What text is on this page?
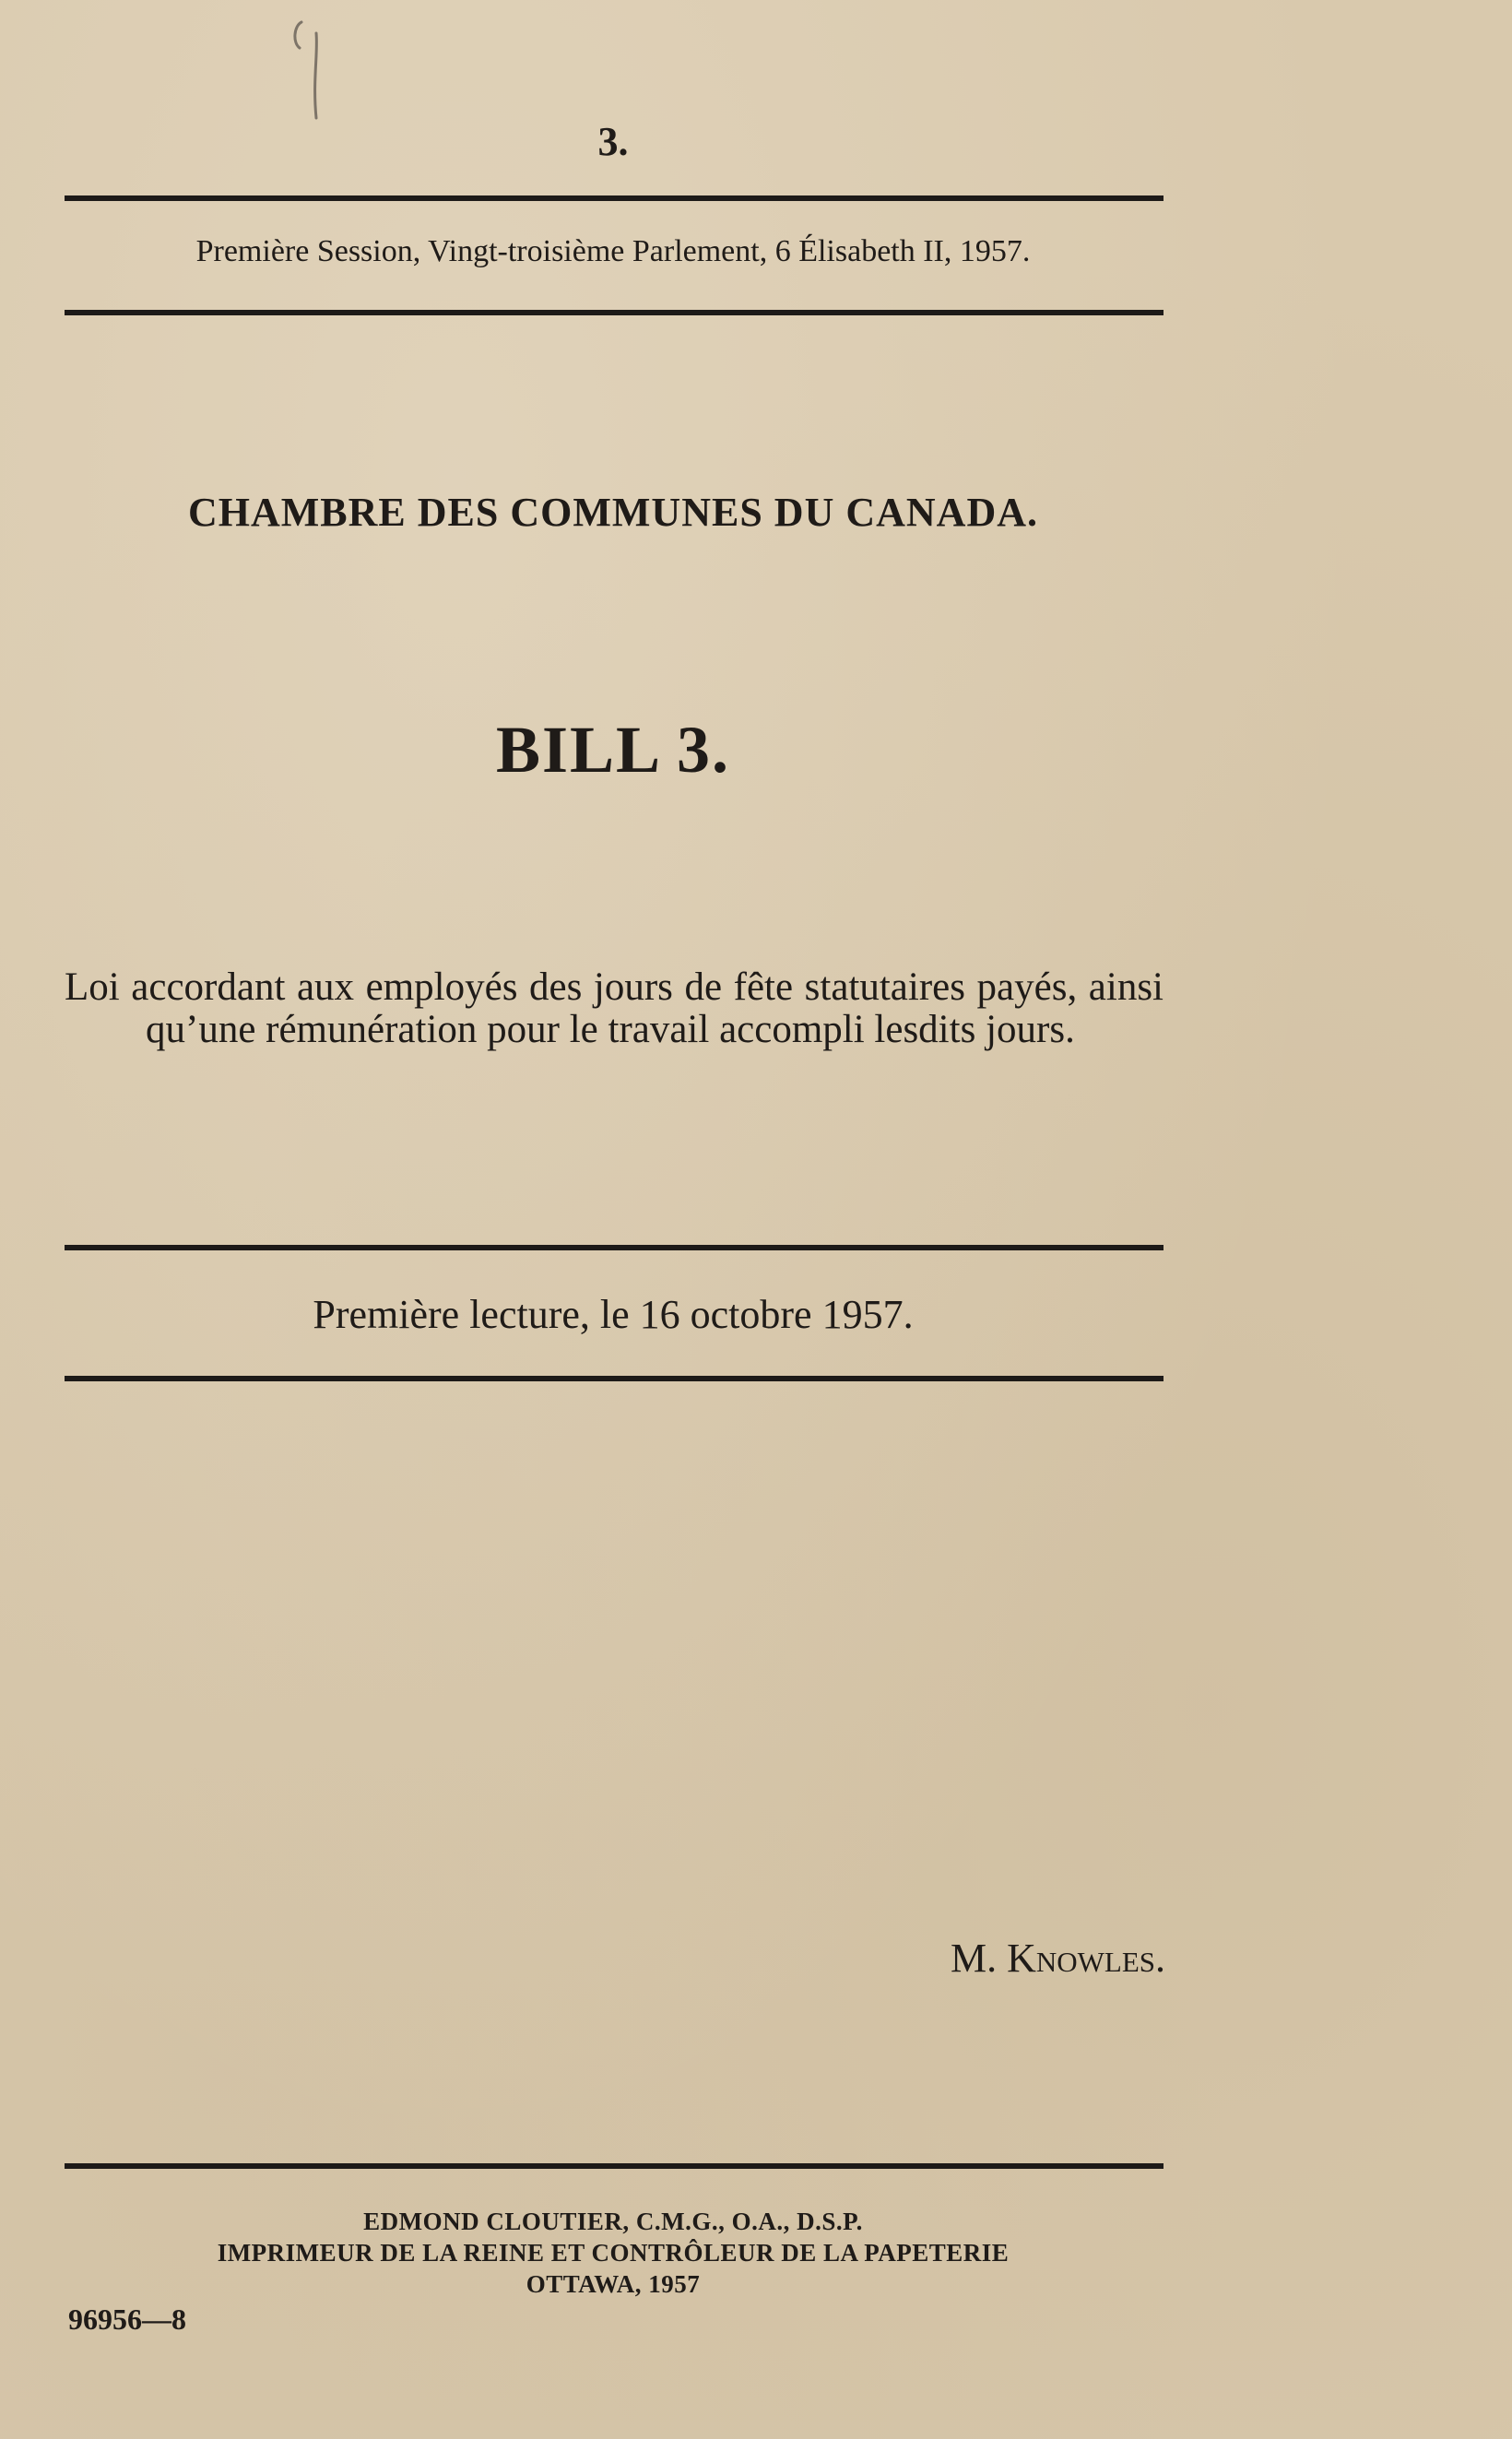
3.
Première Session, Vingt-troisième Parlement, 6 Élisabeth II, 1957.
CHAMBRE DES COMMUNES DU CANADA.
BILL 3.
Loi accordant aux employés des jours de fête statutaires payés, ainsi qu’une rémunération pour le travail accompli lesdits jours.
Première lecture, le 16 octobre 1957.
M. Knowles.
EDMOND CLOUTIER, C.M.G., O.A., D.S.P.
IMPRIMEUR DE LA REINE ET CONTRÔLEUR DE LA PAPETERIE
OTTAWA, 1957
96956—8
